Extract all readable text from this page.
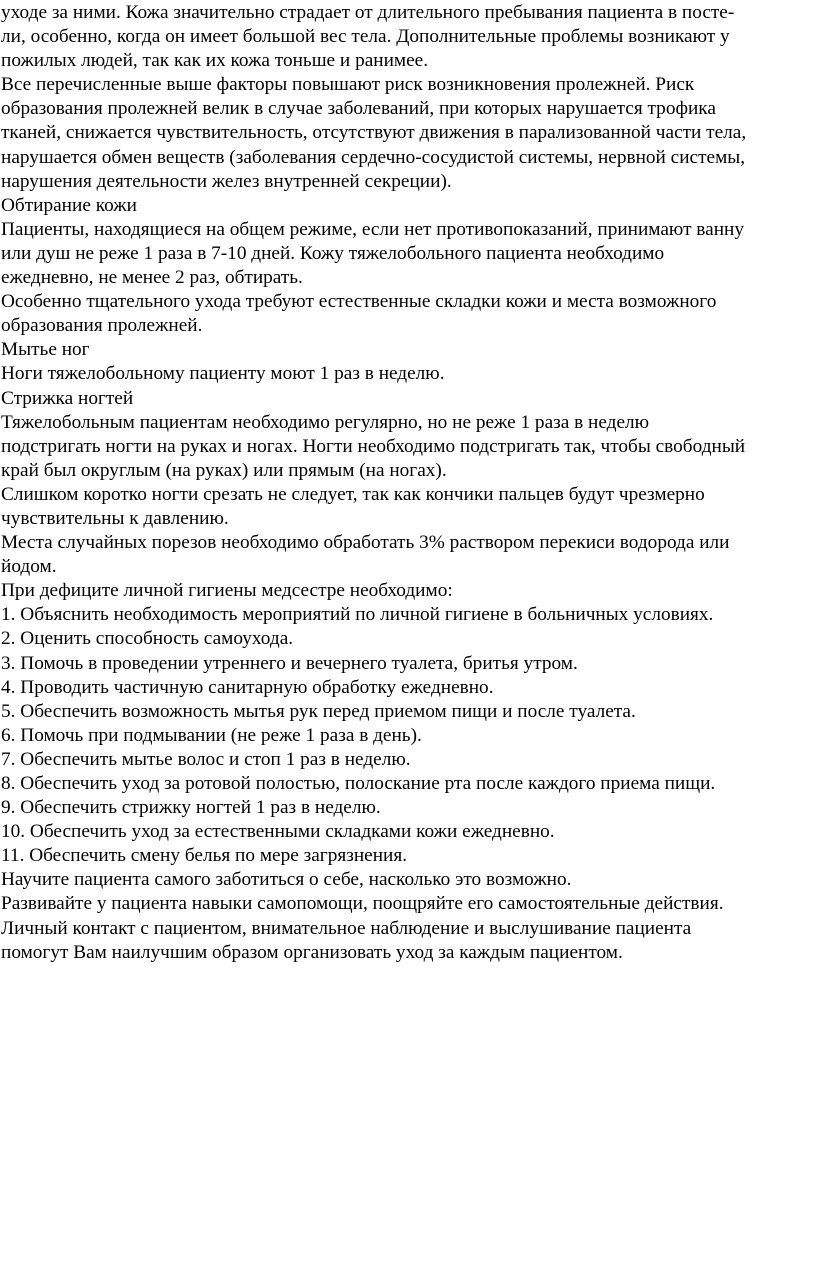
уходе за ними. Кожа значительно страдает от длительного пребывания пациента в посте-
ли, особенно, когда он имеет большой вес тела. Дополнительные проблемы возникают у
пожилых людей, так как их кожа тоньше и ранимее.
Все перечисленные выше факторы повышают риск возникновения пролежней. Риск
образования пролежней велик в случае заболеваний, при которых нарушается трофика
тканей, снижается чувствительность, отсутствуют движения в парализованной части тела,
нарушается обмен веществ (заболевания сердечно-сосудистой системы, нервной системы,
нарушения деятельности желез внутренней секреции).
Обтирание кожи
Пациенты, находящиеся на общем режиме, если нет противопоказаний, принимают ванну
или душ не реже 1 раза в 7-10 дней. Кожу тяжелобольного пациента необходимо
ежедневно, не менее 2 раз, обтирать.
Особенно тщательного ухода требуют естественные складки кожи и места возможного
образования пролежней.
Мытье ног
Ноги тяжелобольному пациенту моют 1 раз в неделю.
Стрижка ногтей
Тяжелобольным пациентам необходимо регулярно, но не реже 1 раза в неделю
подстригать ногти на руках и ногах. Ногти необходимо подстригать так, чтобы свободный
край был округлым (на руках) или прямым (на ногах).
Слишком коротко ногти срезать не следует, так как кончики пальцев будут чрезмерно
чувствительны к давлению.
Места случайных порезов необходимо обработать 3% раствором перекиси водорода или
йодом.
При дефиците личной гигиены медсестре необходимо:
1. Объяснить необходимость мероприятий по личной гигиене в больничных условиях.
2. Оценить способность самоухода.
3. Помочь в проведении утреннего и вечернего туалета, бритья утром.
4. Проводить частичную санитарную обработку ежедневно.
5. Обеспечить возможность мытья рук перед приемом пищи и после туалета.
6. Помочь при подмывании (не реже 1 раза в день).
7. Обеспечить мытье волос и стоп 1 раз в неделю.
8. Обеспечить уход за ротовой полостью, полоскание рта после каждого приема пищи.
9. Обеспечить стрижку ногтей 1 раз в неделю.
10. Обеспечить уход за естественными складками кожи ежедневно.
11. Обеспечить смену белья по мере загрязнения.
Научите пациента самого заботиться о себе, насколько это возможно.
Развивайте у пациента навыки самопомощи, поощряйте его самостоятельные действия.
Личный контакт с пациентом, внимательное наблюдение и выслушивание пациента
помогут Вам наилучшим образом организовать уход за каждым пациентом.
